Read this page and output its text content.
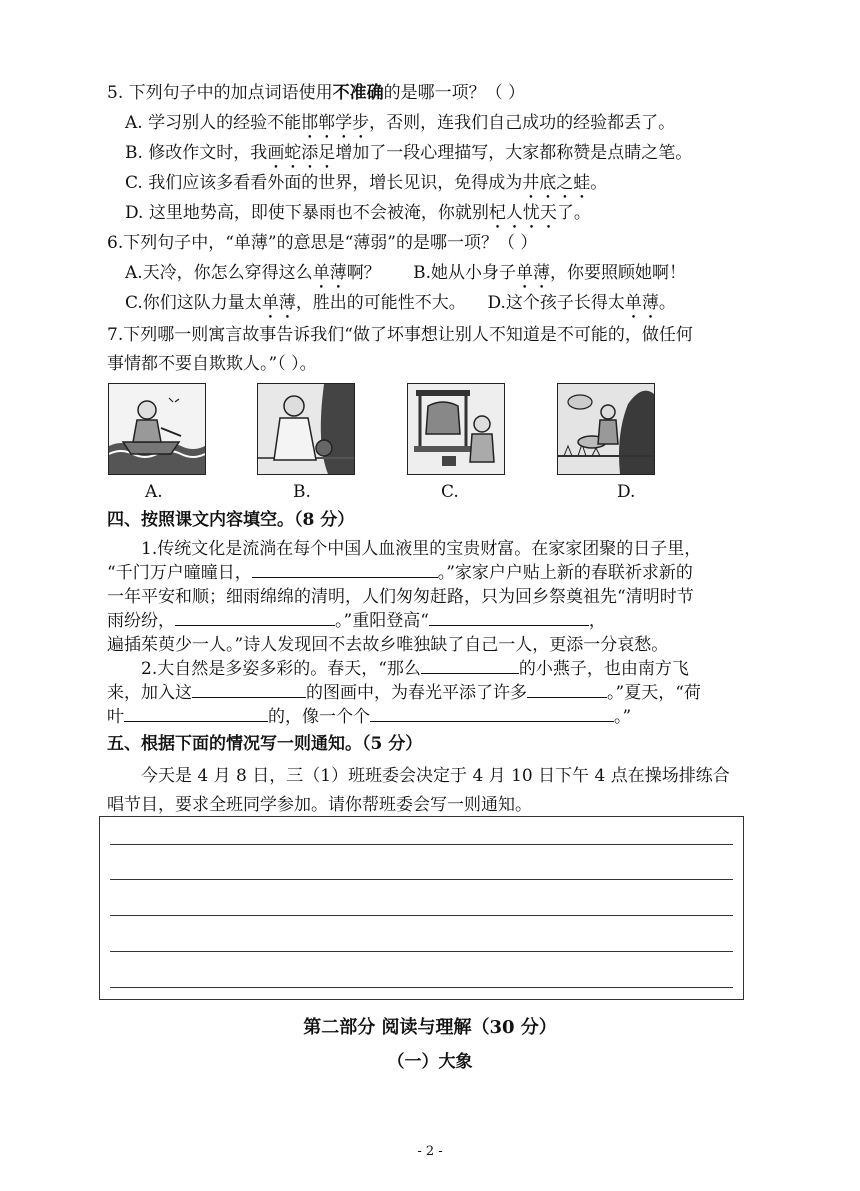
5. 下列句子中的加点词语使用不准确的是哪一项？（ ）
A. 学习别人的经验不能邯郸学步，否则，连我们自己成功的经验都丢了。
B. 修改作文时，我画蛇添足增加了一段心理描写，大家都称赞是点睛之笔。
C. 我们应该多看看外面的世界，增长见识，免得成为井底之蛙。
D. 这里地势高，即使下暴雨也不会被淹，你就别杞人忧天了。
6.下列句子中，“单薄”的意思是“薄弱”的是哪一项？（ ）
A.天冷，你怎么穿得这么单薄啊？ B.她从小身子单薄，你要照顾她啊！
C.你们这队力量太单薄，胜出的可能性不大。 D.这个孩子长得太单薄。
7.下列哪一则寓言故事告诉我们“做了坏事想让别人不知道是不可能的，做任何
事情都不要自欺欺人。”（ ）。
A.	B.	C.	D.
四、按照课文内容填空。（8 分）
1.传统文化是流淌在每个中国人血液里的宝贵财富。在家家团聚的日子里，
“千门万户曈曈日，	。”家家户户贴上新的春联祈求新的
一年平安和顺；细雨绵绵的清明，人们匆匆赶路，只为回乡祭奠祖先“清明时节
雨纷纷，	。”重阳登高“	，
遍插茱萸少一人。”诗人发现回不去故乡唯独缺了自己一人，更添一分哀愁。
2.大自然是多姿多彩的。春天，“那么	的小燕子，也由南方飞
来，加入这	的图画中，为春光平添了许多	。”夏天，“荷
叶	的，像一个个	。”
五、根据下面的情况写一则通知。（5 分）
今天是 4 月 8 日，三（1）班班委会决定于 4 月 10 日下午 4 点在操场排练合
唱节目，要求全班同学参加。请你帮班委会写一则通知。
第二部分 阅读与理解（30 分）
（一）大象
- 2 -
